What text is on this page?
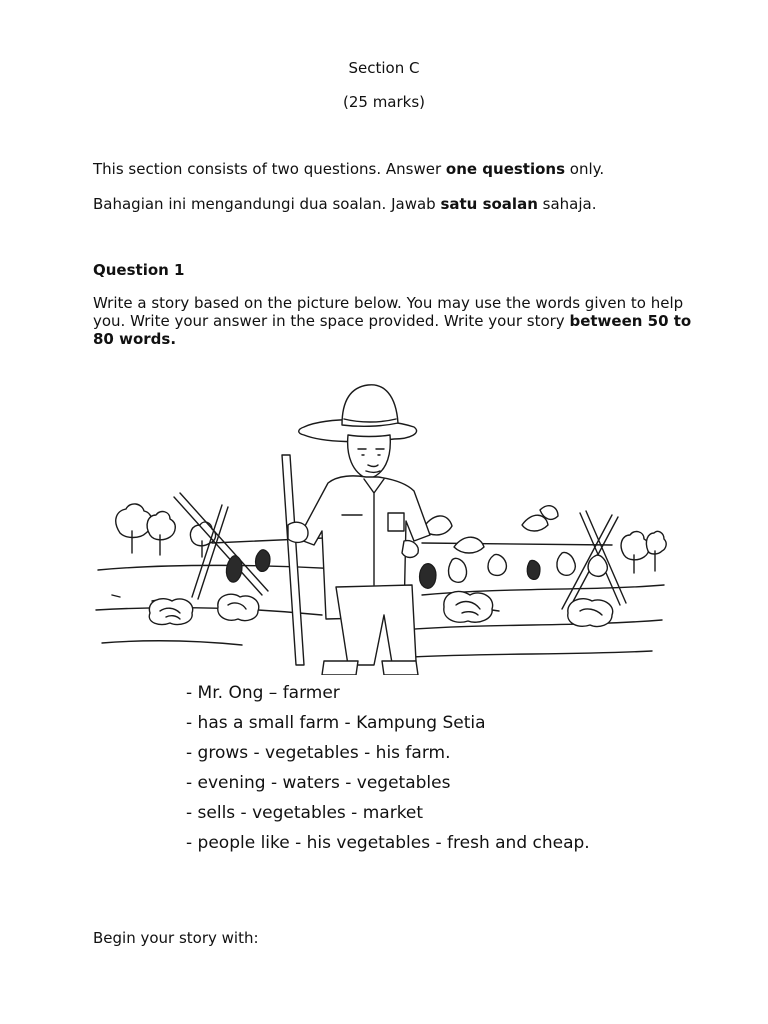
Section C
(25 marks)
This section consists of two questions. Answer one questions only.
Bahagian ini mengandungi dua soalan. Jawab satu soalan sahaja.
Question 1
Write a story based on the picture below. You may use the words given to help you. Write your answer in the space provided. Write your story between 50 to 80 words.
- Mr. Ong – farmer
- has a small farm - Kampung Setia
- grows - vegetables - his farm.
- evening - waters - vegetables
- sells - vegetables - market
- people like - his vegetables - fresh and cheap.
Begin your story with:
